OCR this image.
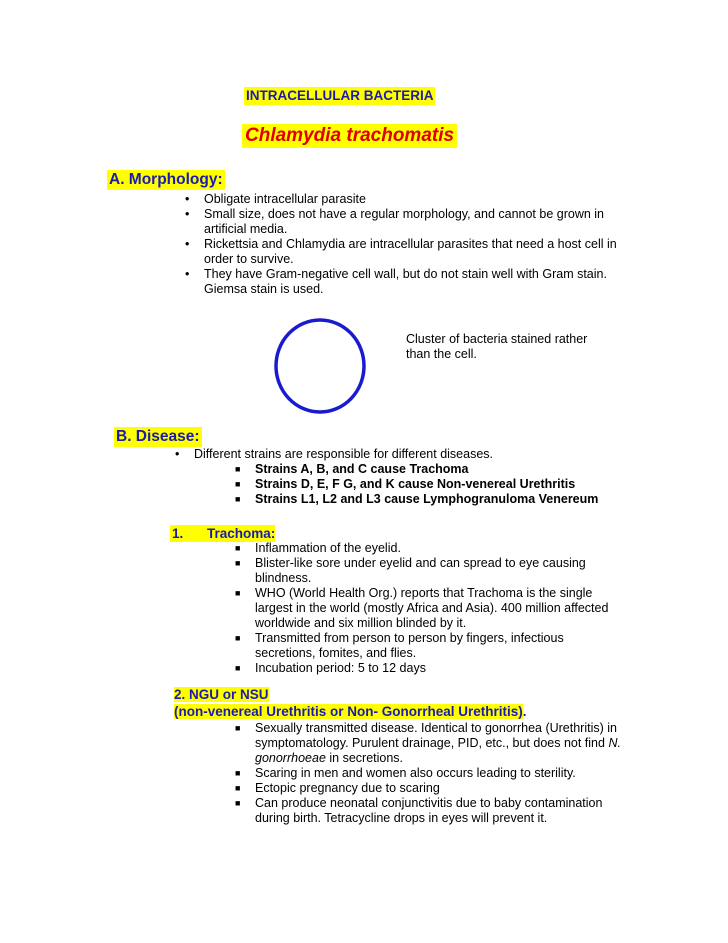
INTRACELLULAR BACTERIA
Chlamydia trachomatis
A. Morphology:
• Obligate intracellular parasite
• Small size, does not have a regular morphology, and cannot be grown in artificial media.
• Rickettsia and Chlamydia are intracellular parasites that need a host cell in order to survive.
• They have Gram-negative cell wall, but do not stain well with Gram stain. Giemsa stain is used.
Cluster of bacteria stained rather than the cell.
B. Disease:
• Different strains are responsible for different diseases.
■ Strains A, B, and C cause Trachoma
■ Strains D, E, F G, and K cause Non-venereal Urethritis
■ Strains L1, L2 and L3 cause Lymphogranuloma Venereum
1. Trachoma:
■ Inflammation of the eyelid.
■ Blister-like sore under eyelid and can spread to eye causing blindness.
■ WHO (World Health Org.) reports that Trachoma is the single largest in the world (mostly Africa and Asia). 400 million affected worldwide and six million blinded by it.
■ Transmitted from person to person by fingers, infectious secretions, fomites, and flies.
■ Incubation period: 5 to 12 days
2. NGU or NSU
(non-venereal Urethritis or Non- Gonorrheal Urethritis).
■ Sexually transmitted disease. Identical to gonorrhea (Urethritis) in symptomatology. Purulent drainage, PID, etc., but does not find N. gonorrhoeae in secretions.
■ Scaring in men and women also occurs leading to sterility.
■ Ectopic pregnancy due to scaring
■ Can produce neonatal conjunctivitis due to baby contamination during birth. Tetracycline drops in eyes will prevent it.
